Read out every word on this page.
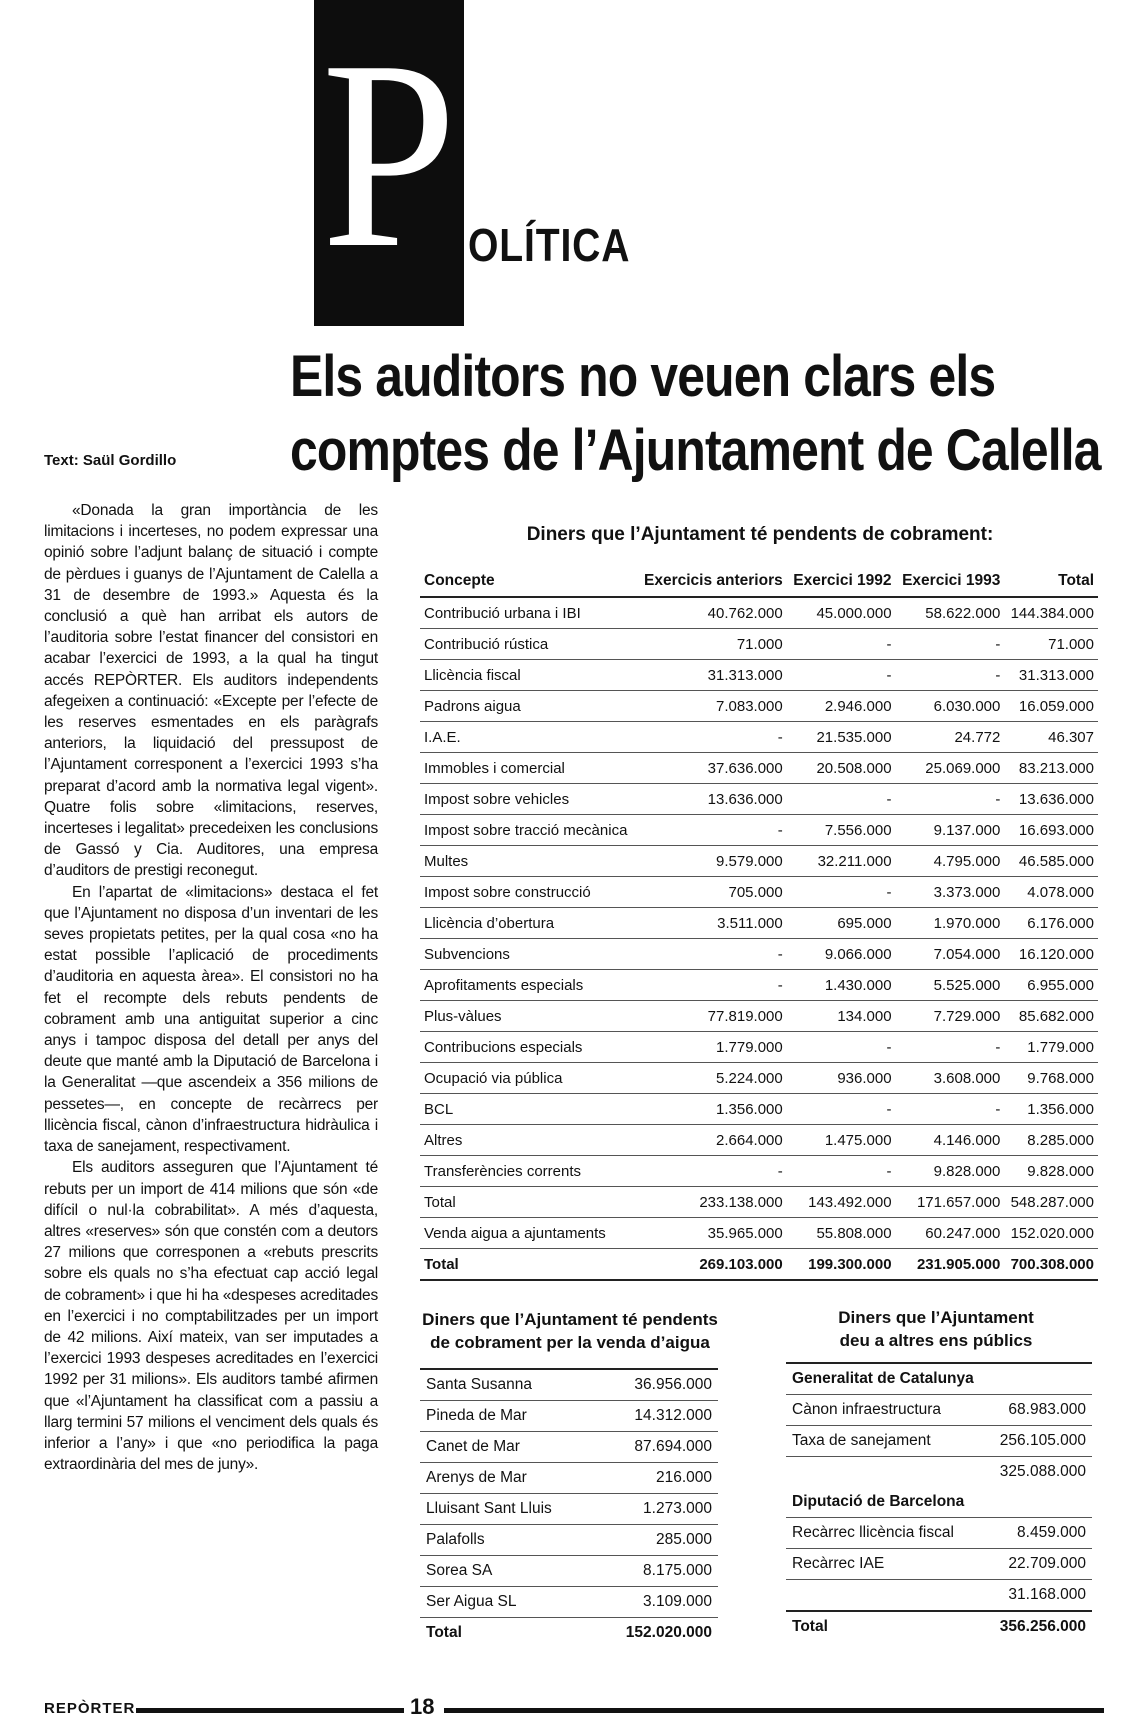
P OLÍTICA
Els auditors no veuen clars els
comptes de l’Ajuntament de Calella
Text: Saül Gordillo

«Donada la gran importància de les limitacions i incerteses, no podem expressar una opinió sobre l’adjunt balanç de situació i compte de pèrdues i guanys de l’Ajuntament de Calella a 31 de desembre de 1993.» Aquesta és la conclusió a què han arribat els autors de l’auditoria sobre l’estat financer del consistori en acabar l’exercici de 1993, a la qual ha tingut accés REPÒRTER. Els auditors independents afegeixen a continuació: «Excepte per l’efecte de les reserves esmentades en els paràgrafs anteriors, la liquidació del pressupost de l’Ajuntament corresponent a l’exercici 1993 s’ha preparat d’acord amb la normativa legal vigent». Quatre folis sobre «limitacions, reserves, incerteses i legalitat» precedeixen les conclusions de Gassó y Cia. Auditores, una empresa d’auditors de prestigi reconegut.

En l’apartat de «limitacions» destaca el fet que l’Ajuntament no disposa d’un inventari de les seves propietats petites, per la qual cosa «no ha estat possible l’aplicació de procediments d’auditoria en aquesta àrea». El consistori no ha fet el recompte dels rebuts pendents de cobrament amb una antiguitat superior a cinc anys i tampoc disposa del detall per anys del deute que manté amb la Diputació de Barcelona i la Generalitat —que ascendeix a 356 milions de pessetes—, en concepte de recàrrecs per llicència fiscal, cànon d’infraestructura hidràulica i taxa de sanejament, respectivament.

Els auditors asseguren que l’Ajuntament té rebuts per un import de 414 milions que són «de difícil o nul·la cobrabilitat». A més d’aquesta, altres «reserves» són que constén com a deutors 27 milions que corresponen a «rebuts prescrits sobre els quals no s’ha efectuat cap acció legal de cobrament» i que hi ha «despeses acreditades en l’exercici i no comptabilitzades per un import de 42 milions. Així mateix, van ser imputades a l’exercici 1993 despeses acreditades en l’exercici 1992 per 31 milions». Els auditors també afirmen que «l’Ajuntament ha classificat com a passiu a llarg termini 57 milions el venciment dels quals és inferior a l’any» i que «no periodifica la paga extraordinària del mes de juny».

Diners que l’Ajuntament té pendents de cobrament:
Concepte	Exercicis anteriors	Exercici 1992	Exercici 1993	Total
Contribució urbana i IBI	40.762.000	45.000.000	58.622.000	144.384.000
Contribució rústica	71.000	-	-	71.000
Llicència fiscal	31.313.000	-	-	31.313.000
Padrons aigua	7.083.000	2.946.000	6.030.000	16.059.000
I.A.E.	-	21.535.000	24.772	46.307
Immobles i comercial	37.636.000	20.508.000	25.069.000	83.213.000
Impost sobre vehicles	13.636.000	-	-	13.636.000
Impost sobre tracció mecànica	-	7.556.000	9.137.000	16.693.000
Multes	9.579.000	32.211.000	4.795.000	46.585.000
Impost sobre construcció	705.000	-	3.373.000	4.078.000
Llicència d’obertura	3.511.000	695.000	1.970.000	6.176.000
Subvencions	-	9.066.000	7.054.000	16.120.000
Aprofitaments especials	-	1.430.000	5.525.000	6.955.000
Plus-vàlues	77.819.000	134.000	7.729.000	85.682.000
Contribucions especials	1.779.000	-	-	1.779.000
Ocupació via pública	5.224.000	936.000	3.608.000	9.768.000
BCL	1.356.000	-	-	1.356.000
Altres	2.664.000	1.475.000	4.146.000	8.285.000
Transferències corrents	-	-	9.828.000	9.828.000
Total	233.138.000	143.492.000	171.657.000	548.287.000
Venda aigua a ajuntaments	35.965.000	55.808.000	60.247.000	152.020.000
Total	269.103.000	199.300.000	231.905.000	700.308.000
Diners que l’Ajuntament té pendents
de cobrament per la venda d’aigua
Santa Susanna	36.956.000
Pineda de Mar	14.312.000
Canet de Mar	87.694.000
Arenys de Mar	216.000
Lluisant Sant Lluis	1.273.000
Palafolls	285.000
Sorea SA	8.175.000
Ser Aigua SL	3.109.000
Total	152.020.000
Diners que l’Ajuntament
deu a altres ens públics
Generalitat de Catalunya	
Cànon infraestructura	68.983.000
Taxa de sanejament	256.105.000
	325.088.000
Diputació de Barcelona	
Recàrrec llicència fiscal	8.459.000
Recàrrec IAE	22.709.000
	31.168.000
Total	356.256.000
REPÒRTER	18
